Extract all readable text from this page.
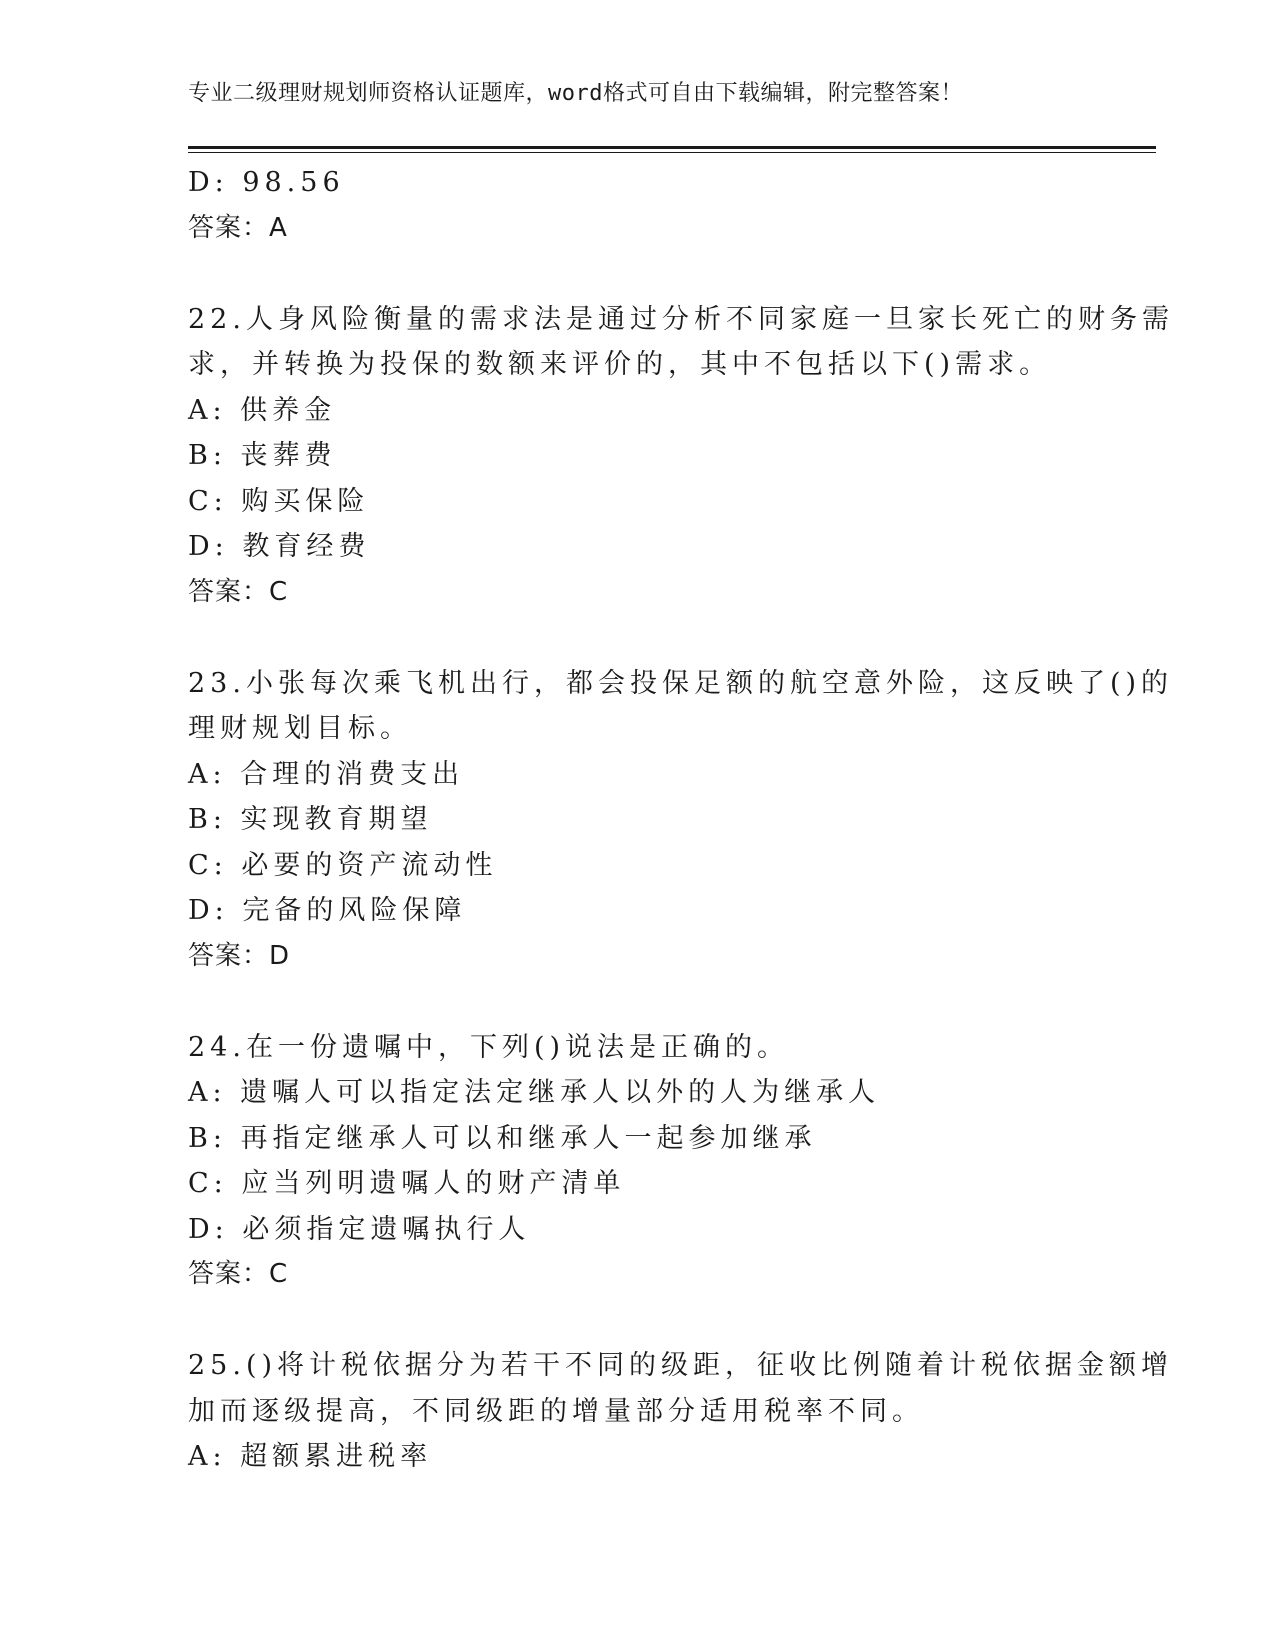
专业二级理财规划师资格认证题库，word格式可自由下载编辑，附完整答案！
D: 98.56
答案：A
22.人身风险衡量的需求法是通过分析不同家庭一旦家长死亡的财务需
求，并转换为投保的数额来评价的，其中不包括以下()需求。
A: 供养金
B: 丧葬费
C: 购买保险
D: 教育经费
答案：C
23.小张每次乘飞机出行，都会投保足额的航空意外险，这反映了()的
理财规划目标。
A: 合理的消费支出
B: 实现教育期望
C: 必要的资产流动性
D: 完备的风险保障
答案：D
24.在一份遗嘱中，下列()说法是正确的。
A: 遗嘱人可以指定法定继承人以外的人为继承人
B: 再指定继承人可以和继承人一起参加继承
C: 应当列明遗嘱人的财产清单
D: 必须指定遗嘱执行人
答案：C
25.()将计税依据分为若干不同的级距，征收比例随着计税依据金额增
加而逐级提高，不同级距的增量部分适用税率不同。
A: 超额累进税率
